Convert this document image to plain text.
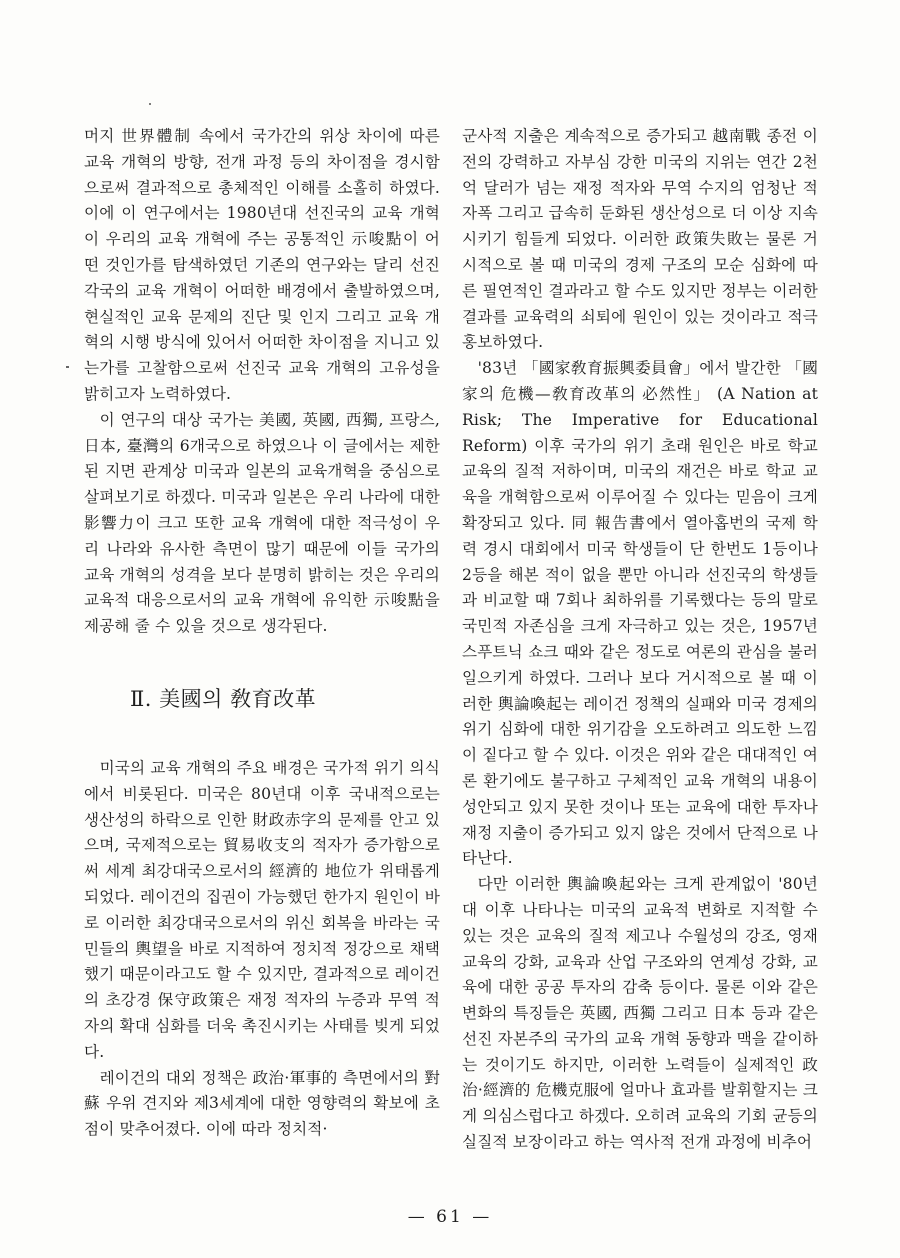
머지 世界體制 속에서 국가간의 위상 차이에 따른 교육 개혁의 방향, 전개 과정 등의 차이점을 경시함으로써 결과적으로 총체적인 이해를 소홀히 하였다. 이에 이 연구에서는 1980년대 선진국의 교육 개혁이 우리의 교육 개혁에 주는 공통적인 示唆點이 어떤 것인가를 탐색하였던 기존의 연구와는 달리 선진 각국의 교육 개혁이 어떠한 배경에서 출발하였으며, 현실적인 교육 문제의 진단 및 인지 그리고 교육 개혁의 시행 방식에 있어서 어떠한 차이점을 지니고 있는가를 고찰함으로써 선진국 교육 개혁의 고유성을 밝히고자 노력하였다.

이 연구의 대상 국가는 美國, 英國, 西獨, 프랑스, 日本, 臺灣의 6개국으로 하였으나 이 글에서는 제한된 지면 관계상 미국과 일본의 교육개혁을 중심으로 살펴보기로 하겠다. 미국과 일본은 우리 나라에 대한 影響力이 크고 또한 교육 개혁에 대한 적극성이 우리 나라와 유사한 측면이 많기 때문에 이들 국가의 교육 개혁의 성격을 보다 분명히 밝히는 것은 우리의 교육적 대응으로서의 교육 개혁에 유익한 示唆點을 제공해 줄 수 있을 것으로 생각된다.

Ⅱ. 美國의 敎育改革

미국의 교육 개혁의 주요 배경은 국가적 위기 의식에서 비롯된다. 미국은 80년대 이후 국내적으로는 생산성의 하락으로 인한 財政赤字의 문제를 안고 있으며, 국제적으로는 貿易收支의 적자가 증가함으로써 세계 최강대국으로서의 經濟的 地位가 위태롭게 되었다. 레이건의 집권이 가능했던 한가지 원인이 바로 이러한 최강대국으로서의 위신 회복을 바라는 국민들의 輿望을 바로 지적하여 정치적 정강으로 채택했기 때문이라고도 할 수 있지만, 결과적으로 레이건의 초강경 保守政策은 재정 적자의 누증과 무역 적자의 확대 심화를 더욱 촉진시키는 사태를 빚게 되었다.

레이건의 대외 정책은 政治·軍事的 측면에서의 對蘇 우위 견지와 제3세계에 대한 영향력의 확보에 초점이 맞추어졌다. 이에 따라 정치적·

군사적 지출은 계속적으로 증가되고 越南戰 종전 이전의 강력하고 자부심 강한 미국의 지위는 연간 2천억 달러가 넘는 재정 적자와 무역 수지의 엄청난 적자폭 그리고 급속히 둔화된 생산성으로 더 이상 지속시키기 힘들게 되었다. 이러한 政策失敗는 물론 거시적으로 볼 때 미국의 경제 구조의 모순 심화에 따른 필연적인 결과라고 할 수도 있지만 정부는 이러한 결과를 교육력의 쇠퇴에 원인이 있는 것이라고 적극 홍보하였다.

'83년 「國家敎育振興委員會」에서 발간한 「國家의 危機—敎育改革의 必然性」 (A Nation at Risk; The Imperative for Educational Reform) 이후 국가의 위기 초래 원인은 바로 학교 교육의 질적 저하이며, 미국의 재건은 바로 학교 교육을 개혁함으로써 이루어질 수 있다는 믿음이 크게 확장되고 있다. 同 報告書에서 열아홉번의 국제 학력 경시 대회에서 미국 학생들이 단 한번도 1등이나 2등을 해본 적이 없을 뿐만 아니라 선진국의 학생들과 비교할 때 7회나 최하위를 기록했다는 등의 말로 국민적 자존심을 크게 자극하고 있는 것은, 1957년 스푸트닉 쇼크 때와 같은 정도로 여론의 관심을 불러일으키게 하였다. 그러나 보다 거시적으로 볼 때 이러한 輿論喚起는 레이건 정책의 실패와 미국 경제의 위기 심화에 대한 위기감을 오도하려고 의도한 느낌이 짙다고 할 수 있다. 이것은 위와 같은 대대적인 여론 환기에도 불구하고 구체적인 교육 개혁의 내용이 성안되고 있지 못한 것이나 또는 교육에 대한 투자나 재정 지출이 증가되고 있지 않은 것에서 단적으로 나타난다.

다만 이러한 輿論喚起와는 크게 관계없이 '80년대 이후 나타나는 미국의 교육적 변화로 지적할 수 있는 것은 교육의 질적 제고나 수월성의 강조, 영재 교육의 강화, 교육과 산업 구조와의 연계성 강화, 교육에 대한 공공 투자의 감축 등이다. 물론 이와 같은 변화의 특징들은 英國, 西獨 그리고 日本 등과 같은 선진 자본주의 국가의 교육 개혁 동향과 맥을 같이하는 것이기도 하지만, 이러한 노력들이 실제적인 政治·經濟的 危機克服에 얼마나 효과를 발휘할지는 크게 의심스럽다고 하겠다. 오히려 교육의 기회 균등의 실질적 보장이라고 하는 역사적 전개 과정에 비추어

— 61 —
